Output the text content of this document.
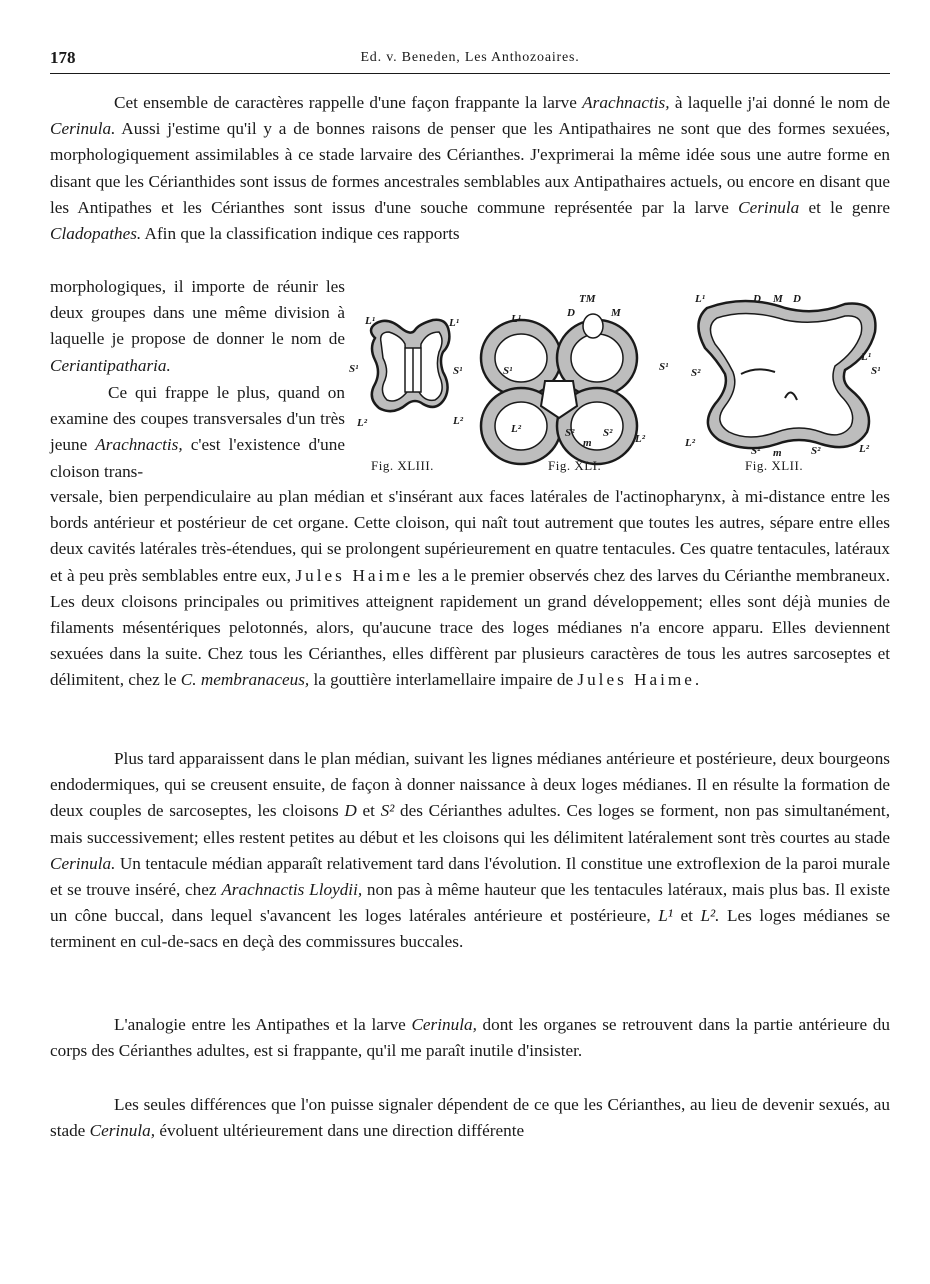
178	Ed. v. Beneden, Les Anthozoaires.

Cet ensemble de caractères rappelle d'une façon frappante la larve Arachnactis, à laquelle j'ai donné le nom de Cerinula. Aussi j'estime qu'il y a de bonnes raisons de penser que les Antipathaires ne sont que des formes sexuées, morphologiquement assimilables à ce stade larvaire des Cérianthes. J'exprimerai la même idée sous une autre forme en disant que les Cérianthides sont issus de formes ancestrales semblables aux Antipathaires actuels, ou encore en disant que les Antipathes et les Cérianthes sont issus d'une souche commune représentée par la larve Cerinula et le genre Cladopathes. Afin que la classification indique ces rapports

morphologiques, il importe de réunir les deux groupes dans une même division à laquelle je propose de donner le nom de Ceriantipatharia.

Ce qui frappe le plus, quand on examine des coupes transversales d'un très jeune Arachnactis, c'est l'existence d'une cloison trans-

L¹	L¹
S¹	S¹
L²	L²
TM
D	M
L¹
S¹	S¹
L²
L²
S²	S²
m
L¹	D M D
L¹
S¹
S²
L²
S² m	S²	L²
Fig. XLIII.	Fig. XLI.	Fig. XLII.

versale, bien perpendiculaire au plan médian et s'insérant aux faces latérales de l'actinopharynx, à mi-distance entre les bords antérieur et postérieur de cet organe. Cette cloison, qui naît tout autrement que toutes les autres, sépare entre elles deux cavités latérales très-étendues, qui se prolongent supérieurement en quatre tentacules. Ces quatre tentacules, latéraux et à peu près semblables entre eux, Jules Haime les a le premier observés chez des larves du Cérianthe membraneux. Les deux cloisons principales ou primitives atteignent rapidement un grand développement; elles sont déjà munies de filaments mésentériques pelotonnés, alors, qu'aucune trace des loges médianes n'a encore apparu. Elles deviennent sexuées dans la suite. Chez tous les Cérianthes, elles diffèrent par plusieurs caractères de tous les autres sarcoseptes et délimitent, chez le C. membranaceus, la gouttière interlamellaire impaire de Jules Haime.

Plus tard apparaissent dans le plan médian, suivant les lignes médianes antérieure et postérieure, deux bourgeons endodermiques, qui se creusent ensuite, de façon à donner naissance à deux loges médianes. Il en résulte la formation de deux couples de sarcoseptes, les cloisons D et S² des Cérianthes adultes. Ces loges se forment, non pas simultanément, mais successivement; elles restent petites au début et les cloisons qui les délimitent latéralement sont très courtes au stade Cerinula. Un tentacule médian apparaît relativement tard dans l'évolution. Il constitue une extroflexion de la paroi murale et se trouve inséré, chez Arachnactis Lloydii, non pas à même hauteur que les tentacules latéraux, mais plus bas. Il existe un cône buccal, dans lequel s'avancent les loges latérales antérieure et postérieure, L¹ et L². Les loges médianes se terminent en cul-de-sacs en deçà des commissures buccales.

L'analogie entre les Antipathes et la larve Cerinula, dont les organes se retrouvent dans la partie antérieure du corps des Cérianthes adultes, est si frappante, qu'il me paraît inutile d'insister.

Les seules différences que l'on puisse signaler dépendent de ce que les Cérianthes, au lieu de devenir sexués, au stade Cerinula, évoluent ultérieurement dans une direction différente
